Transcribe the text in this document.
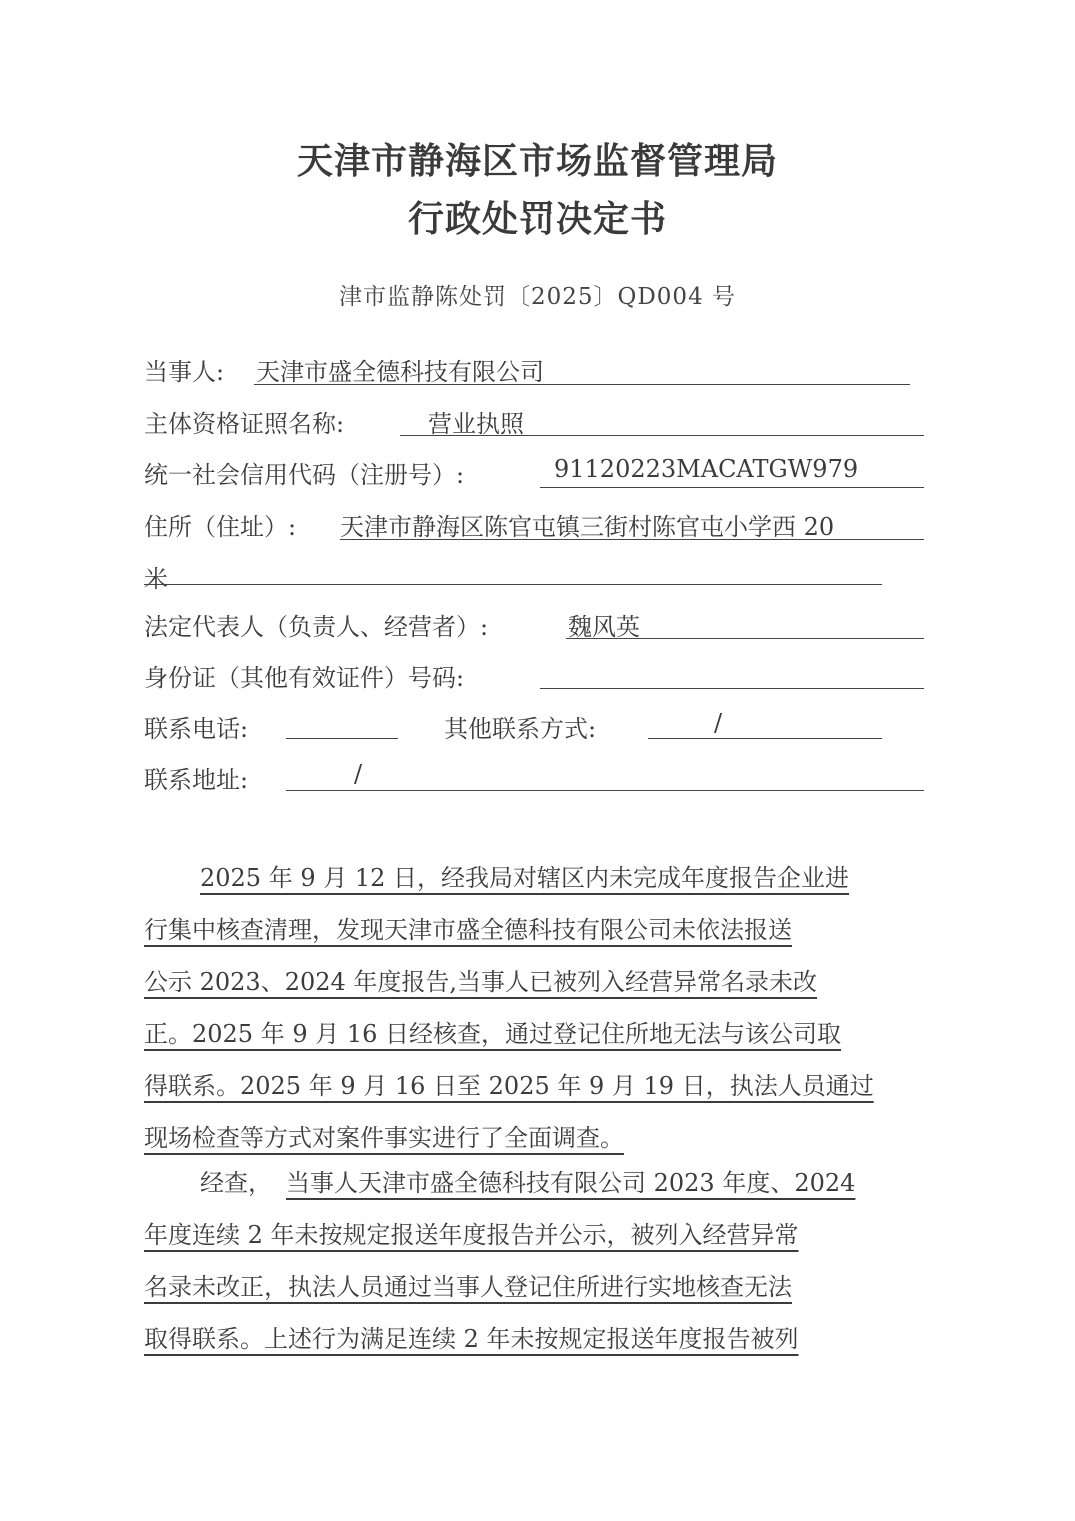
天津市静海区市场监督管理局
行政处罚决定书
津市监静陈处罚〔2025〕QD004 号
当事人: 天津市盛全德科技有限公司
主体资格证照名称:	营业执照
统一社会信用代码（注册号）:	91120223MACATGW979
住所（住址）: 天津市静海区陈官屯镇三街村陈官屯小学西 20
米
法定代表人（负责人、经营者）:	魏风英
身份证（其他有效证件）号码:
联系电话:	其他联系方式:	/
联系地址:	/
2025 年 9 月 12 日，经我局对辖区内未完成年度报告企业进
行集中核查清理，发现天津市盛全德科技有限公司未依法报送
公示 2023、2024 年度报告,当事人已被列入经营异常名录未改
正。2025 年 9 月 16 日经核查，通过登记住所地无法与该公司取
得联系。2025 年 9 月 16 日至 2025 年 9 月 19 日，执法人员通过
现场检查等方式对案件事实进行了全面调查。
经查， 当事人天津市盛全德科技有限公司 2023 年度、2024
年度连续 2 年未按规定报送年度报告并公示，被列入经营异常
名录未改正，执法人员通过当事人登记住所进行实地核查无法
取得联系。上述行为满足连续 2 年未按规定报送年度报告被列
